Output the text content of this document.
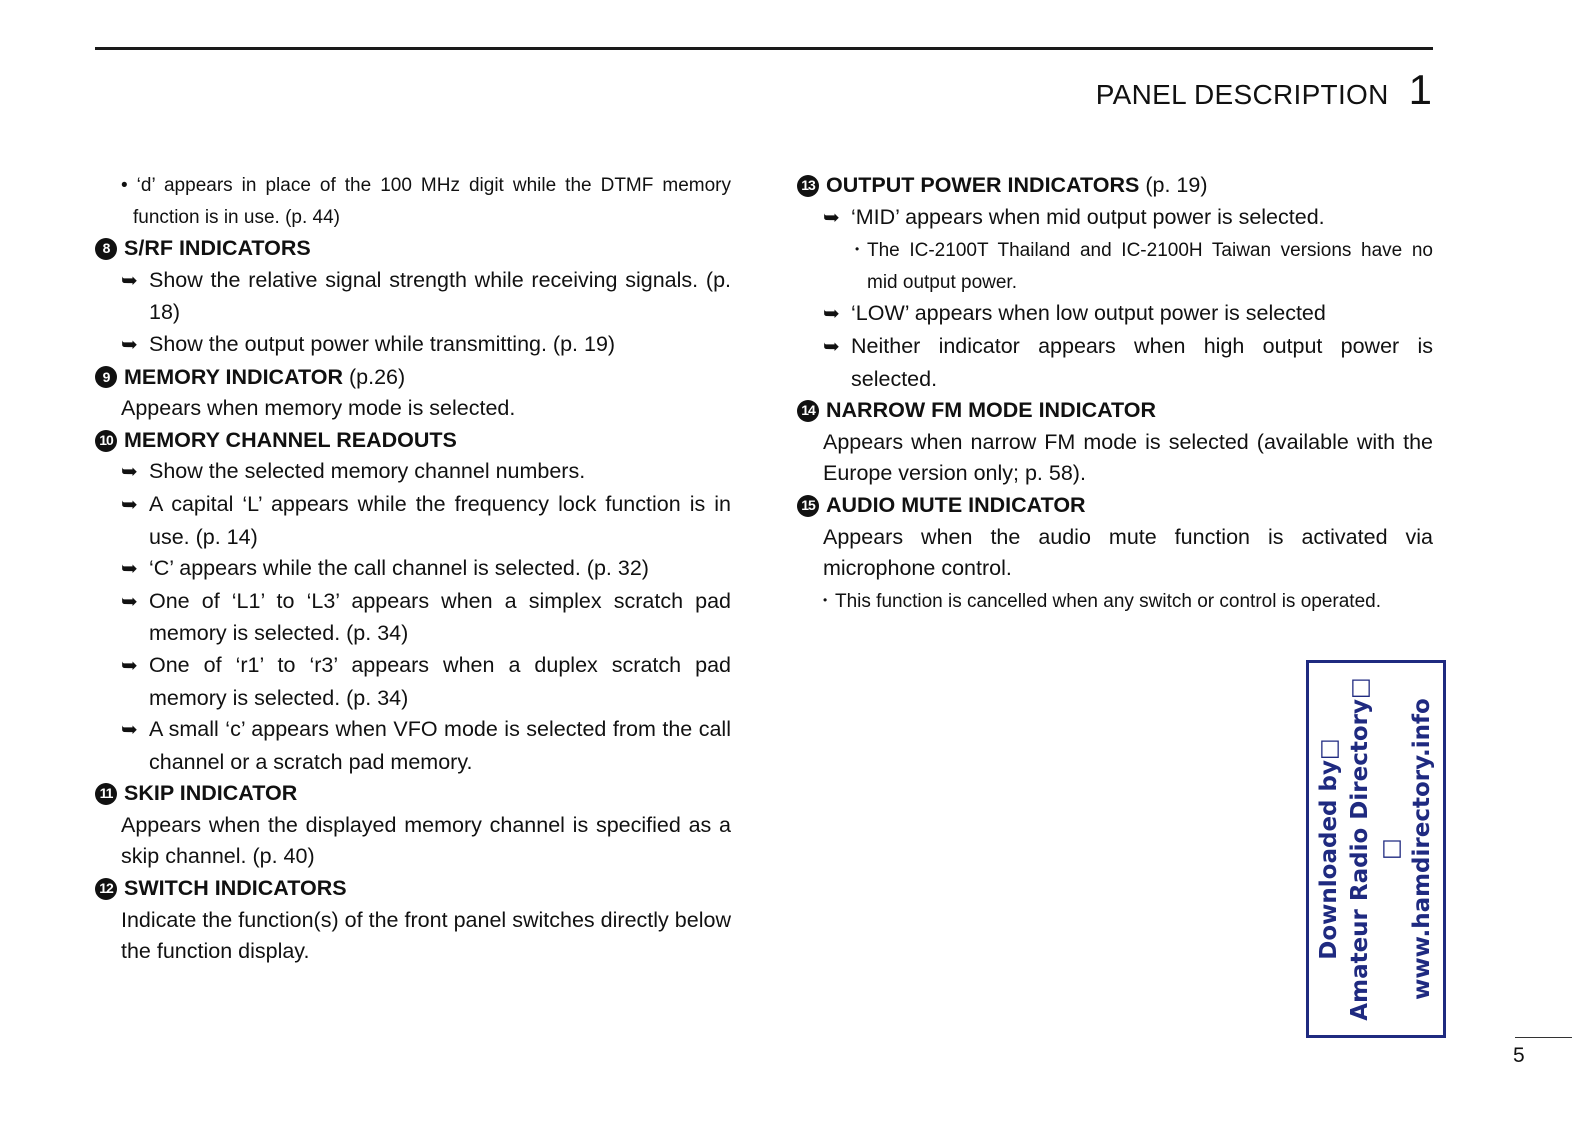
PANEL DESCRIPTION 1
• ‘d’ appears in place of the 100 MHz digit while the DTMF memory function is in use. (p. 44)
8 S/RF INDICATORS
➥ Show the relative signal strength while receiving signals. (p. 18)
➥ Show the output power while transmitting. (p. 19)
9 MEMORY INDICATOR (p.26)
Appears when memory mode is selected.
10 MEMORY CHANNEL READOUTS
➥ Show the selected memory channel numbers.
➥ A capital ‘L’ appears while the frequency lock function is in use. (p. 14)
➥ ‘C’ appears while the call channel is selected. (p. 32)
➥ One of ‘L1’ to ‘L3’ appears when a simplex scratch pad memory is selected. (p. 34)
➥ One of ‘r1’ to ‘r3’ appears when a duplex scratch pad memory is selected. (p. 34)
➥ A small ‘c’ appears when VFO mode is selected from the call channel or a scratch pad memory.
11 SKIP INDICATOR
Appears when the displayed memory channel is specified as a skip channel. (p. 40)
12 SWITCH INDICATORS
Indicate the function(s) of the front panel switches directly below the function display.
13 OUTPUT POWER INDICATORS (p. 19)
➥ ‘MID’ appears when mid output power is selected.
• The IC-2100T Thailand and IC-2100H Taiwan versions have no mid output power.
➥ ‘LOW’ appears when low output power is selected
➥ Neither indicator appears when high output power is selected.
14 NARROW FM MODE INDICATOR
Appears when narrow FM mode is selected (available with the Europe version only; p. 58).
15 AUDIO MUTE INDICATOR
Appears when the audio mute function is activated via microphone control.
• This function is cancelled when any switch or control is operated.
Downloaded by□ Amateur Radio Directory□ □ www.hamdirectory.info
5
